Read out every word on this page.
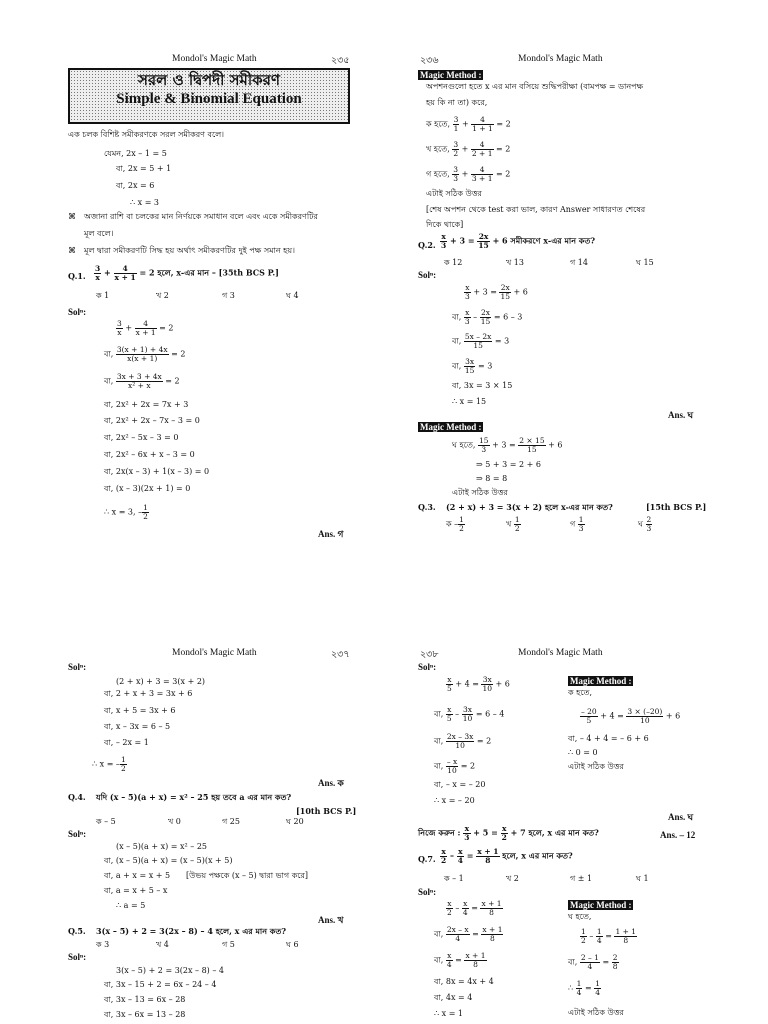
Mondol's Magic Math	২৩৫
সরল ও দ্বিপদী সমীকরণ
Simple & Binomial Equation
এক চলক বিশিষ্ট সমীকরণকে সরল সমীকরণ বলে।
যেমন, 2x – 1 = 5
বা, 2x = 5 + 1
বা, 2x = 6
∴ x = 3
⌘ অজানা রাশি বা চলকের মান নির্ণয়কে সমাধান বলে এবং একে সমীকরণটির
মূল বলে।
⌘ মূল দ্বারা সমীকরণটি সিদ্ধ হয় অর্থাৎ সমীকরণটির দুই পক্ষ সমান হয়।
Q.1. $\frac{3}{x} + \frac{4}{x + 1} = 2$ হলে, x-এর মান – [35th BCS P.]
ক 1	খ 2	গ 3	ঘ 4
Solⁿ:
$\frac{3}{x} + \frac{4}{x + 1} = 2$
বা, $\frac{3(x + 1) + 4x}{x(x + 1)} = 2$
বা, $\frac{3x + 3 + 4x}{\text{x² + x}} = 2$
বা, 2x² + 2x = 7x + 3
বা, 2x² + 2x – 7x – 3 = 0
বা, 2x² – 5x – 3 = 0
বা, 2x² – 6x + x – 3 = 0
বা, 2x(x – 3) + 1(x – 3) = 0
বা, (x – 3)(2x + 1) = 0
∴ x = 3, – $\frac{1}{2}$
Ans. গ
২৩৬	Mondol's Magic Math
Magic Method :
অপশনগুলো হতে x এর মান বসিয়ে শুদ্ধিপরীক্ষা (বামপক্ষ = ডানপক্ষ
হয় কি না তা) করে,
ক হতে, $\frac{3}{1} + \frac{4}{1 + 1} = 2$
খ হতে, $\frac{3}{2} + \frac{4}{2 + 1} = 2$
গ হতে, $\frac{3}{3} + \frac{4}{3 + 1} = 2$
এটাই সঠিক উত্তর
[শেষ অপশন থেকে test করা ভাল, কারণ Answer সাধারণত শেষের
দিকে থাকে]
Q.2. $\frac{x}{3} + 3 = \frac{2x}{15} + 6$ সমীকরণে x-এর মান কত?
ক 12	খ 13	গ 14	ঘ 15
Solⁿ:
$\frac{x}{3} + 3 = \frac{2x}{15} + 6$
বা, $\frac{x}{3} - \frac{2x}{15} = 6 - 3$
বা, $\frac{5x - 2x}{15} = 3$
বা, $\frac{3x}{15} = 3$
বা, 3x = 3 × 15
∴ x = 15
Ans. ঘ
Magic Method :
ঘ হতে, $\frac{15}{3} + 3 = \frac{2 \times 15}{15} + 6$
⇒ 5 + 3 = 2 + 6
⇒ 8 = 8
এটাই সঠিক উত্তর
Q.3. (2 + x) + 3 = 3(x + 2) হলে x-এর মান কত?	[15th BCS P.]
ক – $\frac{1}{2}$	খ $\frac{1}{2}$	গ $\frac{1}{3}$	ঘ $\frac{2}{3}$
Mondol's Magic Math	২৩৭
Solⁿ:
(2 + x) + 3 = 3(x + 2)
বা, 2 + x + 3 = 3x + 6
বা, x + 5 = 3x + 6
বা, x – 3x = 6 – 5
বা, – 2x = 1
∴ x = – $\frac{1}{2}$
Ans. ক
Q.4. যদি (x – 5)(a + x) = x² – 25 হয় তবে a এর মান কত?
[10th BCS P.]
ক – 5	খ 0	গ 25	ঘ 20
Solⁿ:
(x – 5)(a + x) = x² – 25
বা, (x – 5)(a + x) = (x – 5)(x + 5)
বা, a + x = x + 5 [উভয় পক্ষকে (x – 5) দ্বারা ভাগ করে]
বা, a = x + 5 – x
∴ a = 5
Ans. খ
Q.5. 3(x – 5) + 2 = 3(2x – 8) – 4 হলে, x এর মান কত?
ক 3	খ 4	গ 5	ঘ 6
Solⁿ:
3(x – 5) + 2 = 3(2x – 8) – 4
বা, 3x – 15 + 2 = 6x – 24 – 4
বা, 3x – 13 = 6x – 28
বা, 3x – 6x = 13 – 28
২৩৮	Mondol's Magic Math
Solⁿ:
$\frac{x}{5} + 4 = \frac{3x}{10} + 6$
বা, $\frac{x}{5} - \frac{3x}{10} = 6 - 4$
বা, $\frac{2x - 3x}{10} = 2$
বা, $\frac{- x}{10} = 2$
বা, – x = – 20
∴ x = – 20
Magic Method :
ক হতে,
$\frac{- 20}{5} + 4 = \frac{3 \times (-20)}{10} + 6$
বা, – 4 + 4 = – 6 + 6
∴ 0 = 0
এটাই সঠিক উত্তর
Ans. ঘ
নিজে করুন : $\frac{x}{3} + 5 = \frac{x}{2} + 7$ হলে, x এর মান কত?	Ans. – 12
Q.7. $\frac{x}{2} - \frac{x}{4} = \frac{x + 1}{8}$ হলে, x এর মান কত?
ক – 1	খ 2	গ ± 1	ঘ 1
Solⁿ:
$\frac{x}{2} - \frac{x}{4} = \frac{x + 1}{8}$
বা, $\frac{2x - x}{4} = \frac{x + 1}{8}$
বা, $\frac{x}{4} = \frac{x + 1}{8}$
বা, 8x = 4x + 4
বা, 4x = 4
∴ x = 1
Magic Method :
ঘ হতে,
$\frac{1}{2} - \frac{1}{4} = \frac{1 + 1}{8}$
বা, $\frac{2 - 1}{4} = \frac{2}{8}$
∴ $\frac{1}{4} = \frac{1}{4}$
এটাই সঠিক উত্তর
